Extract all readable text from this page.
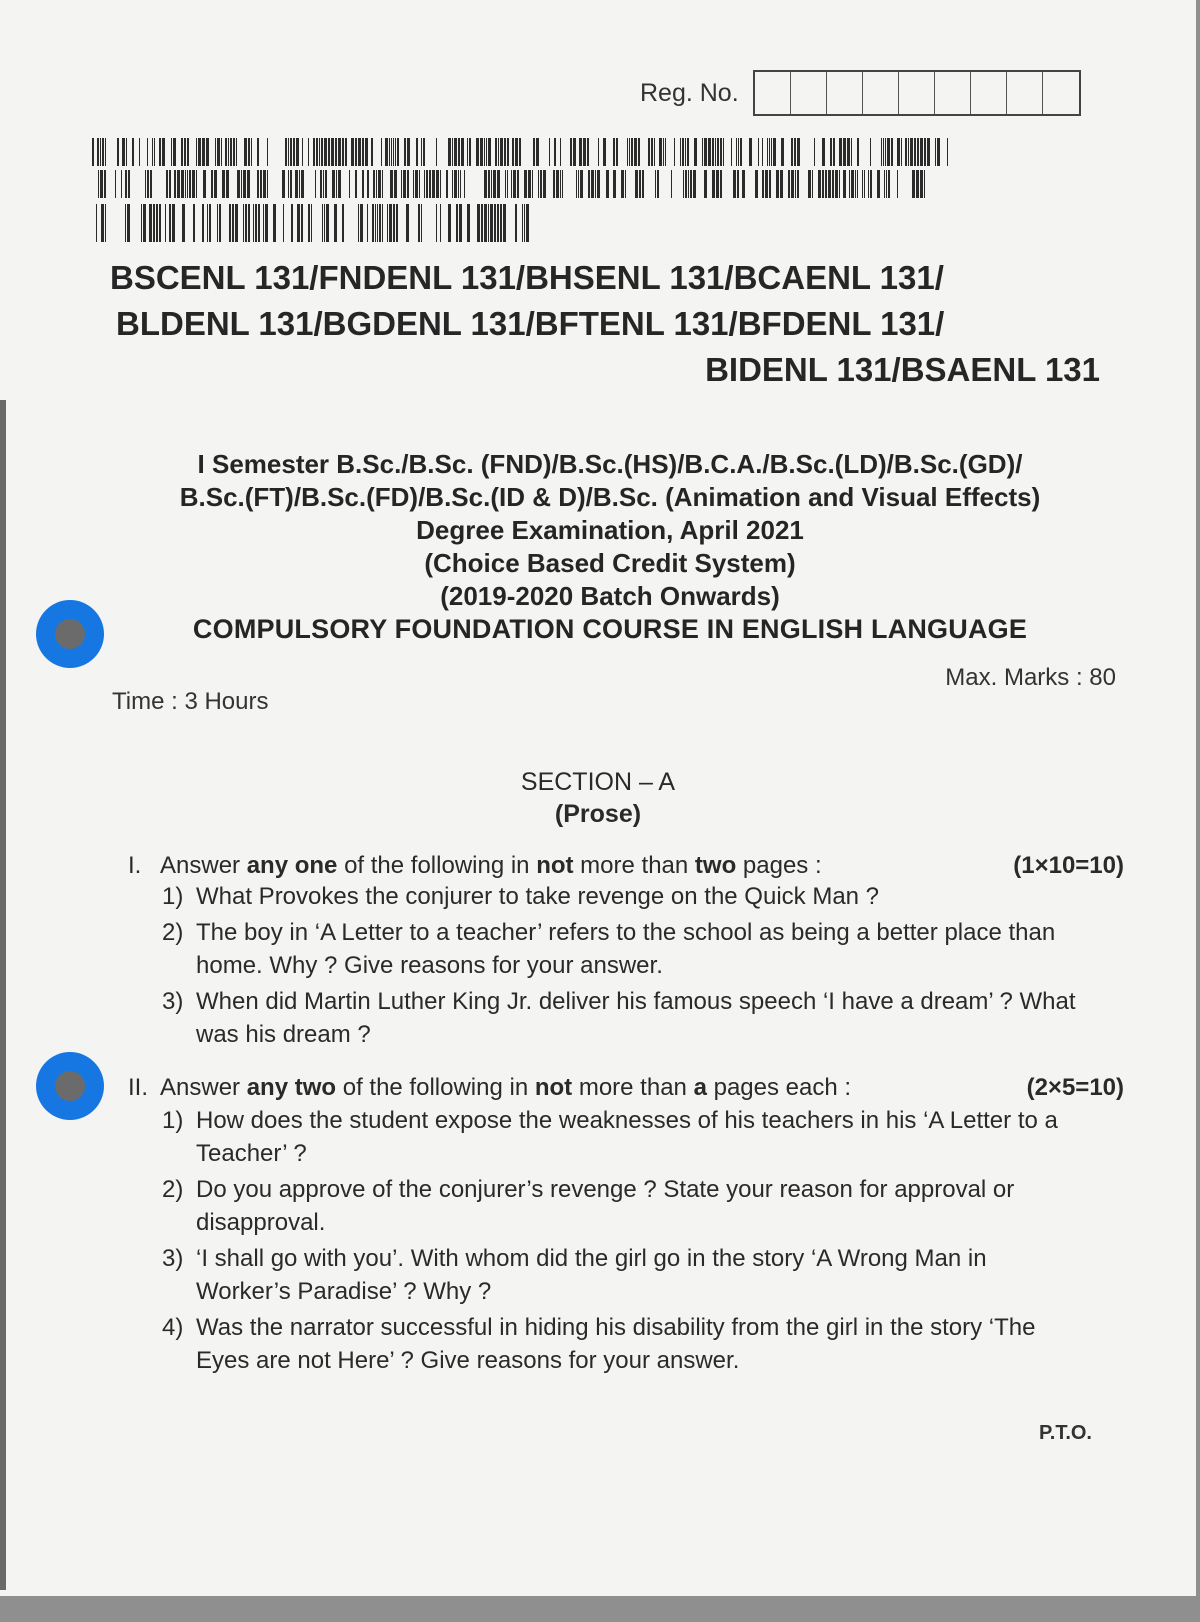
Reg. No.
BSCENL 131/FNDENL 131/BHSENL 131/BCAENL 131/
BLDENL 131/BGDENL 131/BFTENL 131/BFDENL 131/
BIDENL 131/BSAENL 131
I Semester B.Sc./B.Sc. (FND)/B.Sc.(HS)/B.C.A./B.Sc.(LD)/B.Sc.(GD)/
B.Sc.(FT)/B.Sc.(FD)/B.Sc.(ID & D)/B.Sc. (Animation and Visual Effects)
Degree Examination, April 2021
(Choice Based Credit System)
(2019-2020 Batch Onwards)
COMPULSORY FOUNDATION COURSE IN ENGLISH LANGUAGE
Time : 3 Hours
Max. Marks : 80
SECTION – A
(Prose)
I. Answer any one of the following in not more than two pages :	(1×10=10)
1) What Provokes the conjurer to take revenge on the Quick Man ?
2) The boy in ‘A Letter to a teacher’ refers to the school as being a better place than home. Why ? Give reasons for your answer.
3) When did Martin Luther King Jr. deliver his famous speech ‘I have a dream’ ? What was his dream ?
II. Answer any two of the following in not more than a pages each :	(2×5=10)
1) How does the student expose the weaknesses of his teachers in his ‘A Letter to a Teacher’ ?
2) Do you approve of the conjurer’s revenge ? State your reason for approval or disapproval.
3) ‘I shall go with you’. With whom did the girl go in the story ‘A Wrong Man in Worker’s Paradise’ ? Why ?
4) Was the narrator successful in hiding his disability from the girl in the story ‘The Eyes are not Here’ ? Give reasons for your answer.
P.T.O.
